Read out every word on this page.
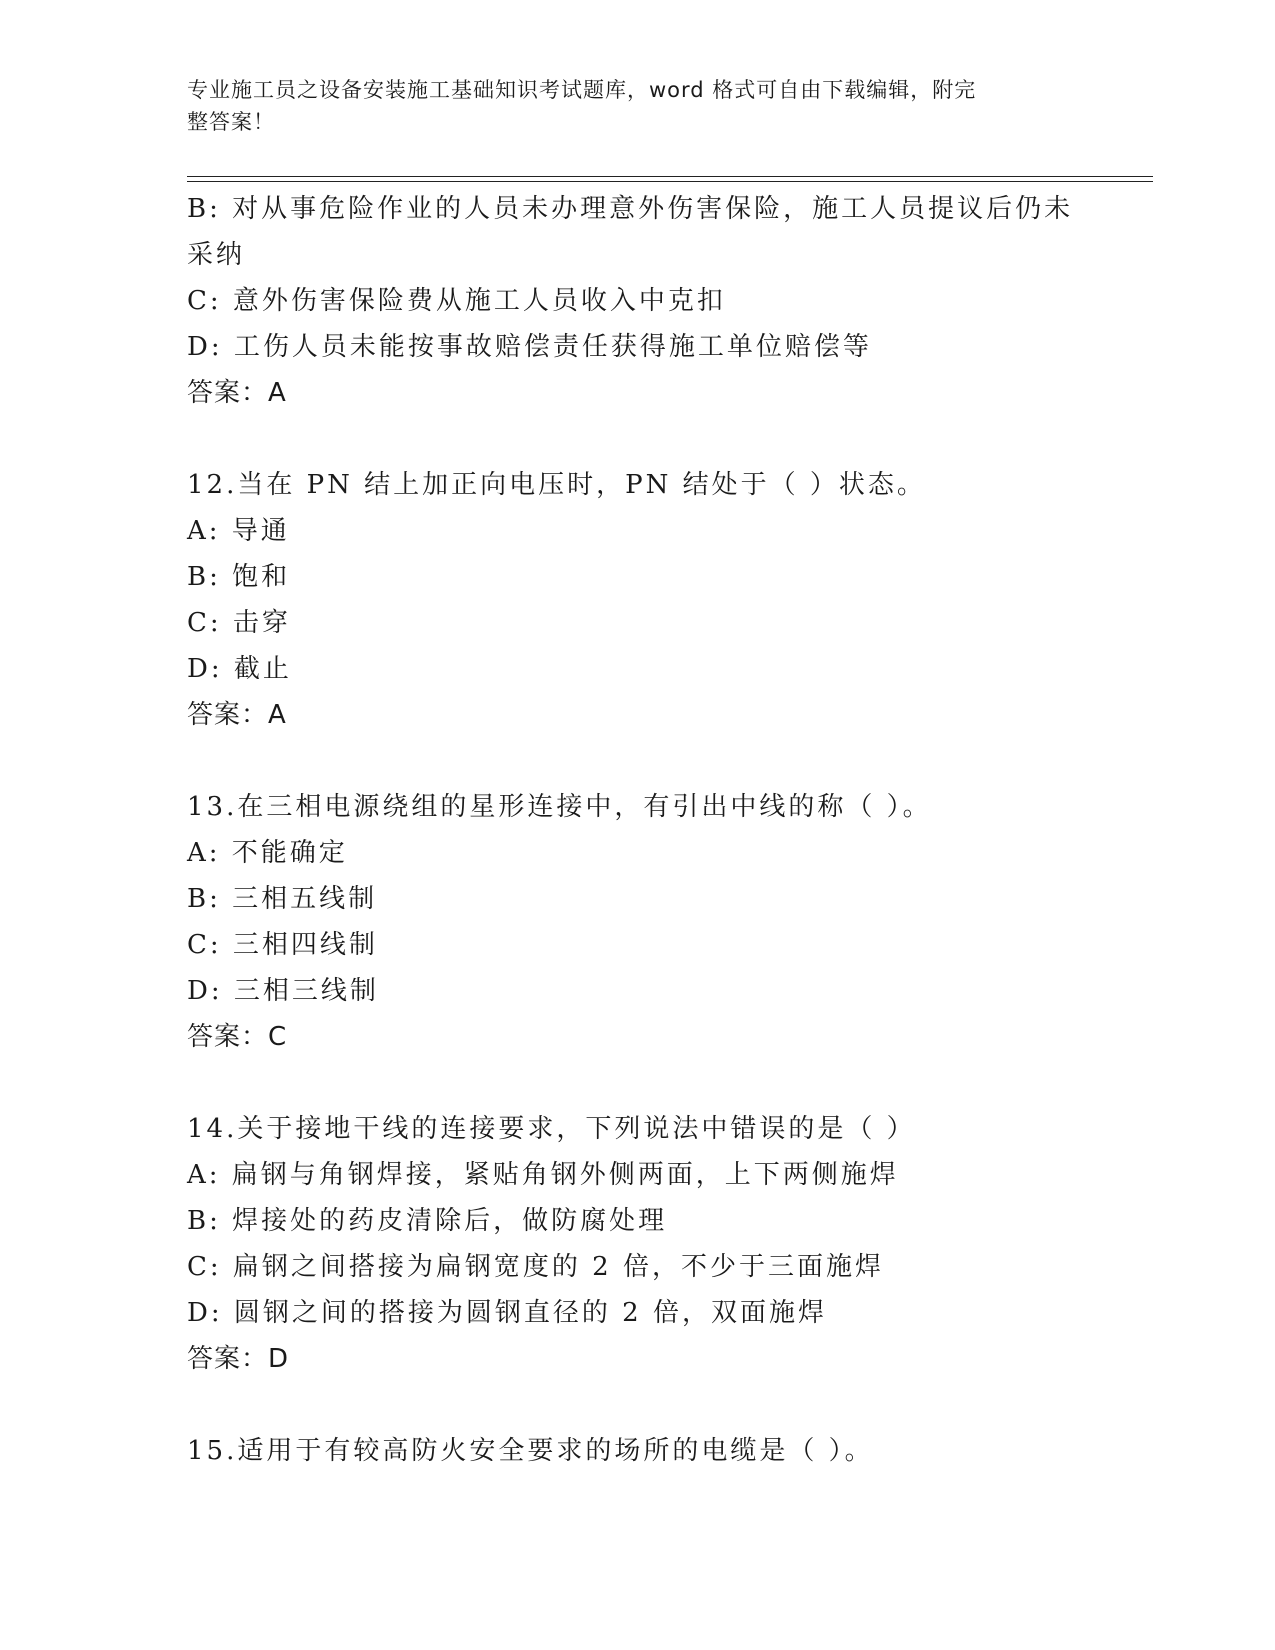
专业施工员之设备安装施工基础知识考试题库，word 格式可自由下载编辑，附完
整答案！
B: 对从事危险作业的人员未办理意外伤害保险，施工人员提议后仍未
采纳
C: 意外伤害保险费从施工人员收入中克扣
D: 工伤人员未能按事故赔偿责任获得施工单位赔偿等
答案：A
12.当在 PN 结上加正向电压时，PN 结处于（ ）状态。
A: 导通
B: 饱和
C: 击穿
D: 截止
答案：A
13.在三相电源绕组的星形连接中，有引出中线的称（ ）。
A: 不能确定
B: 三相五线制
C: 三相四线制
D: 三相三线制
答案：C
14.关于接地干线的连接要求，下列说法中错误的是（ ）
A: 扁钢与角钢焊接，紧贴角钢外侧两面，上下两侧施焊
B: 焊接处的药皮清除后，做防腐处理
C: 扁钢之间搭接为扁钢宽度的 2 倍，不少于三面施焊
D: 圆钢之间的搭接为圆钢直径的 2 倍，双面施焊
答案：D
15.适用于有较高防火安全要求的场所的电缆是（ ）。
